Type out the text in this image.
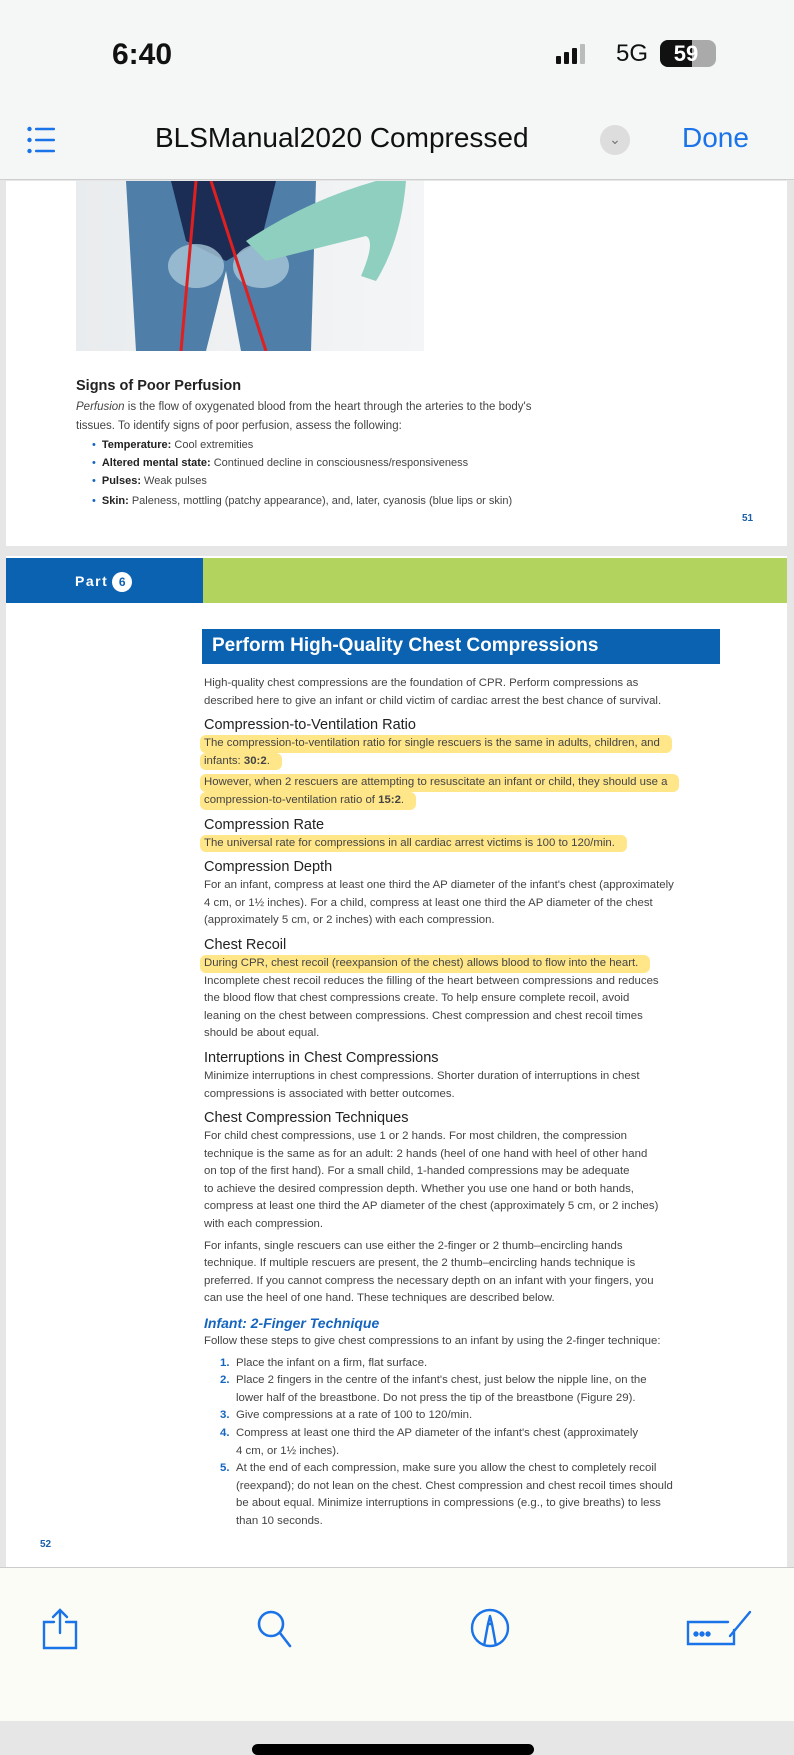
6:40	5G	59
BLSManual2020 Compressed	⌄	Done
Signs of Poor Perfusion
Perfusion is the flow of oxygenated blood from the heart through the arteries to the body's
tissues. To identify signs of poor perfusion, assess the following:
• Temperature: Cool extremities
• Altered mental state: Continued decline in consciousness/responsiveness
• Pulses: Weak pulses
• Skin: Paleness, mottling (patchy appearance), and, later, cyanosis (blue lips or skin)
51
Part 6
Perform High-Quality Chest Compressions
High-quality chest compressions are the foundation of CPR. Perform compressions as
described here to give an infant or child victim of cardiac arrest the best chance of survival.
Compression-to-Ventilation Ratio
The compression-to-ventilation ratio for single rescuers is the same in adults, children, and
infants: 30:2.
However, when 2 rescuers are attempting to resuscitate an infant or child, they should use a
compression-to-ventilation ratio of 15:2.
Compression Rate
The universal rate for compressions in all cardiac arrest victims is 100 to 120/min.
Compression Depth
For an infant, compress at least one third the AP diameter of the infant's chest (approximately
4 cm, or 1½ inches). For a child, compress at least one third the AP diameter of the chest
(approximately 5 cm, or 2 inches) with each compression.
Chest Recoil
During CPR, chest recoil (reexpansion of the chest) allows blood to flow into the heart.
Incomplete chest recoil reduces the filling of the heart between compressions and reduces
the blood flow that chest compressions create. To help ensure complete recoil, avoid
leaning on the chest between compressions. Chest compression and chest recoil times
should be about equal.
Interruptions in Chest Compressions
Minimize interruptions in chest compressions. Shorter duration of interruptions in chest
compressions is associated with better outcomes.
Chest Compression Techniques
For child chest compressions, use 1 or 2 hands. For most children, the compression
technique is the same as for an adult: 2 hands (heel of one hand with heel of other hand
on top of the first hand). For a small child, 1-handed compressions may be adequate
to achieve the desired compression depth. Whether you use one hand or both hands,
compress at least one third the AP diameter of the chest (approximately 5 cm, or 2 inches)
with each compression.
For infants, single rescuers can use either the 2-finger or 2 thumb–encircling hands
technique. If multiple rescuers are present, the 2 thumb–encircling hands technique is
preferred. If you cannot compress the necessary depth on an infant with your fingers, you
can use the heel of one hand. These techniques are described below.
Infant: 2-Finger Technique
Follow these steps to give chest compressions to an infant by using the 2-finger technique:
1. Place the infant on a firm, flat surface.
2. Place 2 fingers in the centre of the infant's chest, just below the nipple line, on the
lower half of the breastbone. Do not press the tip of the breastbone (Figure 29).
3. Give compressions at a rate of 100 to 120/min.
4. Compress at least one third the AP diameter of the infant's chest (approximately
4 cm, or 1½ inches).
5. At the end of each compression, make sure you allow the chest to completely recoil
(reexpand); do not lean on the chest. Chest compression and chest recoil times should
be about equal. Minimize interruptions in compressions (e.g., to give breaths) to less
than 10 seconds.
52
